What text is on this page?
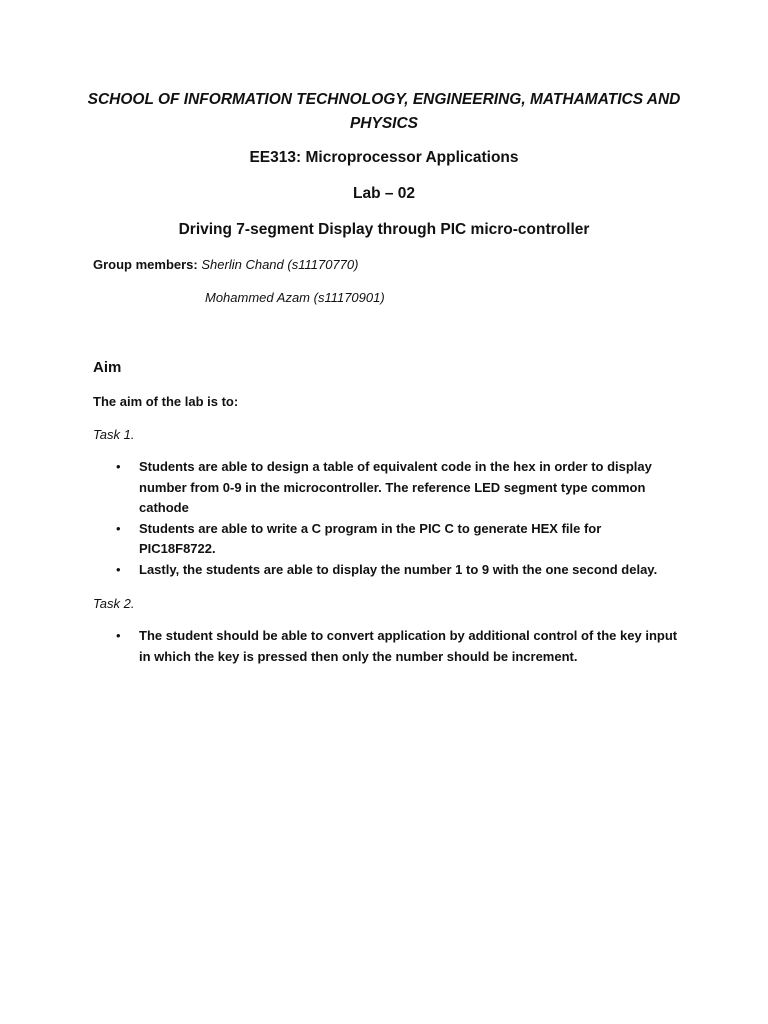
SCHOOL OF INFORMATION TECHNOLOGY, ENGINEERING, MATHAMATICS AND PHYSICS
EE313: Microprocessor Applications
Lab – 02
Driving 7-segment Display through PIC micro-controller
Group members: Sherlin Chand (s11170770)
Mohammed Azam (s11170901)
Aim
The aim of the lab is to:
Task 1.
• Students are able to design a table of equivalent code in the hex in order to display number from 0-9 in the microcontroller. The reference LED segment type common cathode
• Students are able to write a C program in the PIC C to generate HEX file for PIC18F8722.
• Lastly, the students are able to display the number 1 to 9 with the one second delay.
Task 2.
• The student should be able to convert application by additional control of the key input in which the key is pressed then only the number should be increment.
